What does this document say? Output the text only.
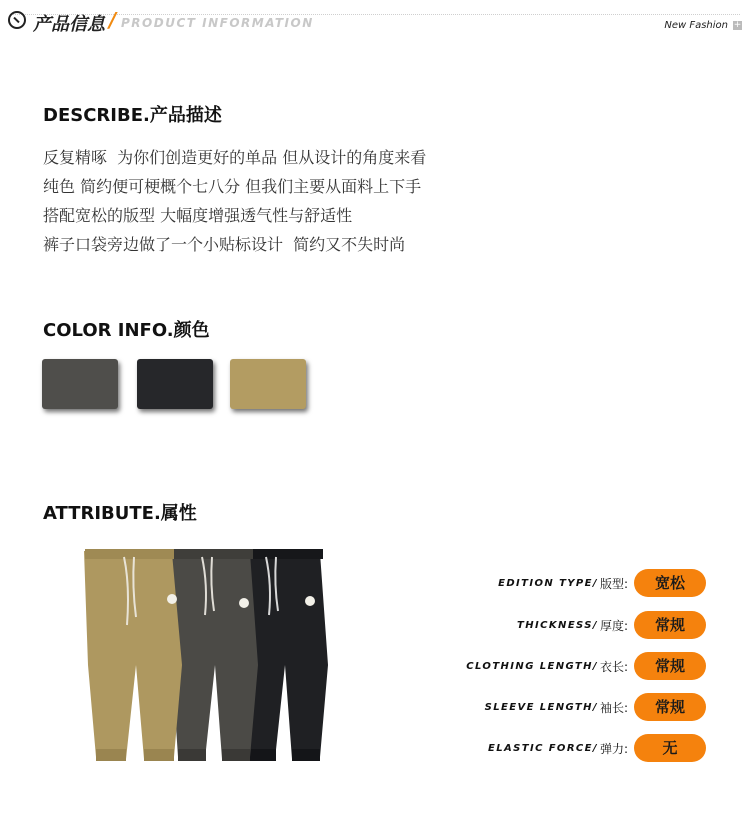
产品信息 / PRODUCT INFORMATION	New Fashion +
DESCRIBE.产品描述
反复精啄  为你们创造更好的单品 但从设计的角度来看
纯色 简约便可梗概个七八分 但我们主要从面料上下手
搭配宽松的版型 大幅度增强透气性与舒适性
裤子口袋旁边做了一个小贴标设计  简约又不失时尚
COLOR INFO.颜色
ATTRIBUTE.属性
EDITION TYPE/ 版型:	宽松
THICKNESS/ 厚度:	常规
CLOTHING LENGTH/ 衣长:	常规
SLEEVE LENGTH/ 袖长:	常规
ELASTIC FORCE/ 弹力:	无
